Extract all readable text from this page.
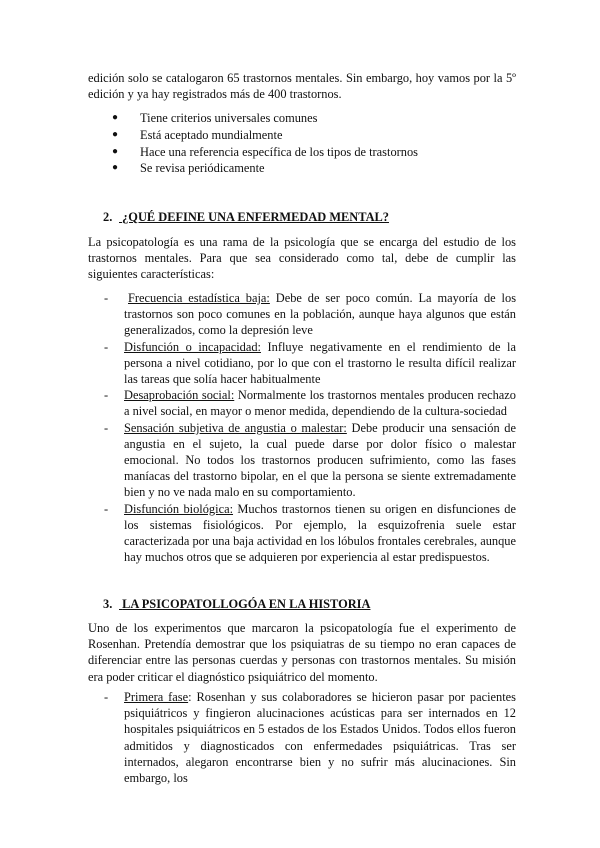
edición solo se catalogaron 65 trastornos mentales. Sin embargo, hoy vamos por la 5º edición y ya hay registrados más de 400 trastornos.

● Tiene criterios universales comunes
● Está aceptado mundialmente
● Hace una referencia específica de los tipos de trastornos
● Se revisa periódicamente
2. ¿QUÉ DEFINE UNA ENFERMEDAD MENTAL?

La psicopatología es una rama de la psicología que se encarga del estudio de los trastornos mentales. Para que sea considerado como tal, debe de cumplir las siguientes características:

- Frecuencia estadística baja: Debe de ser poco común. La mayoría de los trastornos son poco comunes en la población, aunque haya algunos que están generalizados, como la depresión leve
- Disfunción o incapacidad: Influye negativamente en el rendimiento de la persona a nivel cotidiano, por lo que con el trastorno le resulta difícil realizar las tareas que solía hacer habitualmente
- Desaprobación social: Normalmente los trastornos mentales producen rechazo a nivel social, en mayor o menor medida, dependiendo de la cultura-sociedad
- Sensación subjetiva de angustia o malestar: Debe producir una sensación de angustia en el sujeto, la cual puede darse por dolor físico o malestar emocional. No todos los trastornos producen sufrimiento, como las fases maníacas del trastorno bipolar, en el que la persona se siente extremadamente bien y no ve nada malo en su comportamiento.
- Disfunción biológica: Muchos trastornos tienen su origen en disfunciones de los sistemas fisiológicos. Por ejemplo, la esquizofrenia suele estar caracterizada por una baja actividad en los lóbulos frontales cerebrales, aunque hay muchos otros que se adquieren por experiencia al estar predispuestos.
3. LA PSICOPATOLLOGÓA EN LA HISTORIA

Uno de los experimentos que marcaron la psicopatología fue el experimento de Rosenhan. Pretendía demostrar que los psiquiatras de su tiempo no eran capaces de diferenciar entre las personas cuerdas y personas con trastornos mentales. Su misión era poder criticar el diagnóstico psiquiátrico del momento.

- Primera fase: Rosenhan y sus colaboradores se hicieron pasar por pacientes psiquiátricos y fingieron alucinaciones acústicas para ser internados en 12 hospitales psiquiátricos en 5 estados de los Estados Unidos. Todos ellos fueron admitidos y diagnosticados con enfermedades psiquiátricas. Tras ser internados, alegaron encontrarse bien y no sufrir más alucinaciones. Sin embargo, los
